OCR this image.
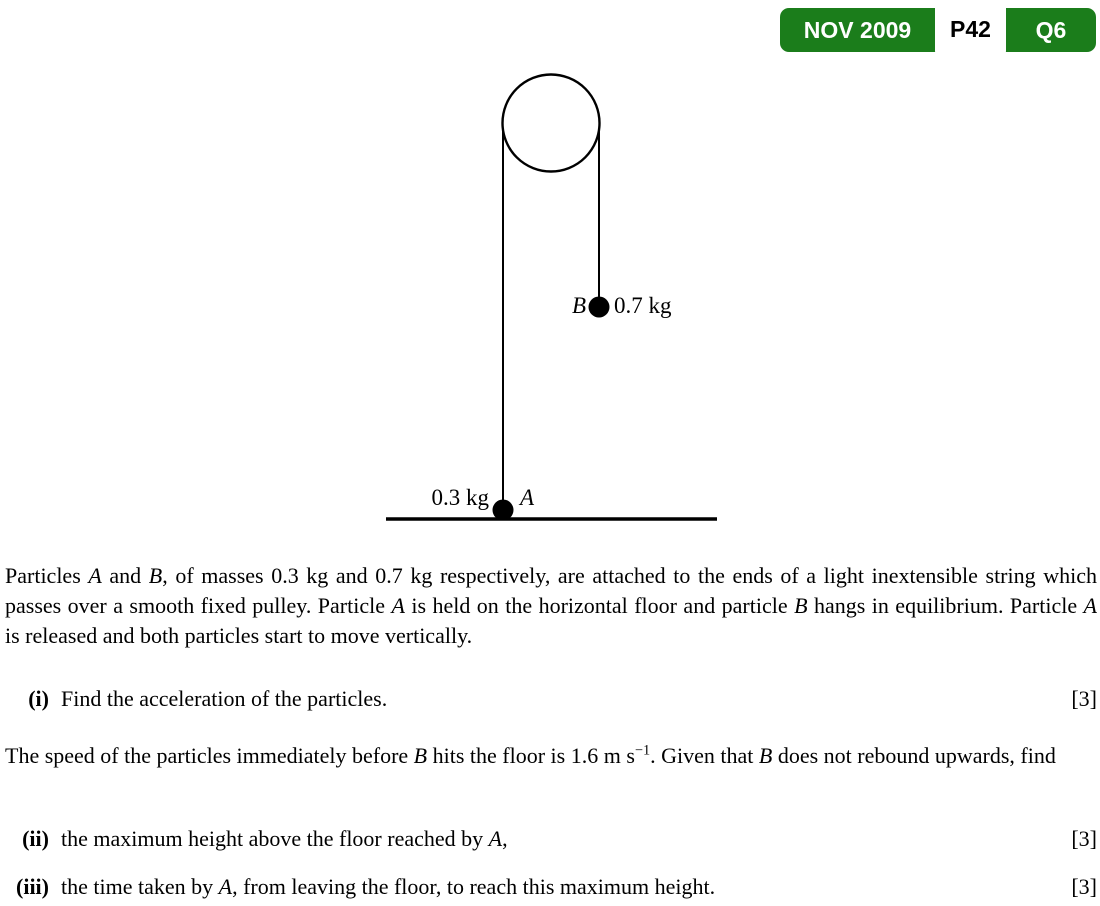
NOV 2009	P42	Q6
B 0.7 kg
0.3 kg A
Particles A and B, of masses 0.3 kg and 0.7 kg respectively, are attached to the ends of a light inextensible string which passes over a smooth fixed pulley. Particle A is held on the horizontal floor and particle B hangs in equilibrium. Particle A is released and both particles start to move vertically.
(i) Find the acceleration of the particles.	[3]
The speed of the particles immediately before B hits the floor is 1.6 m $s^{-1}$. Given that B does not rebound upwards, find
(ii) the maximum height above the floor reached by A,	[3]
(iii) the time taken by A, from leaving the floor, to reach this maximum height.	[3]
